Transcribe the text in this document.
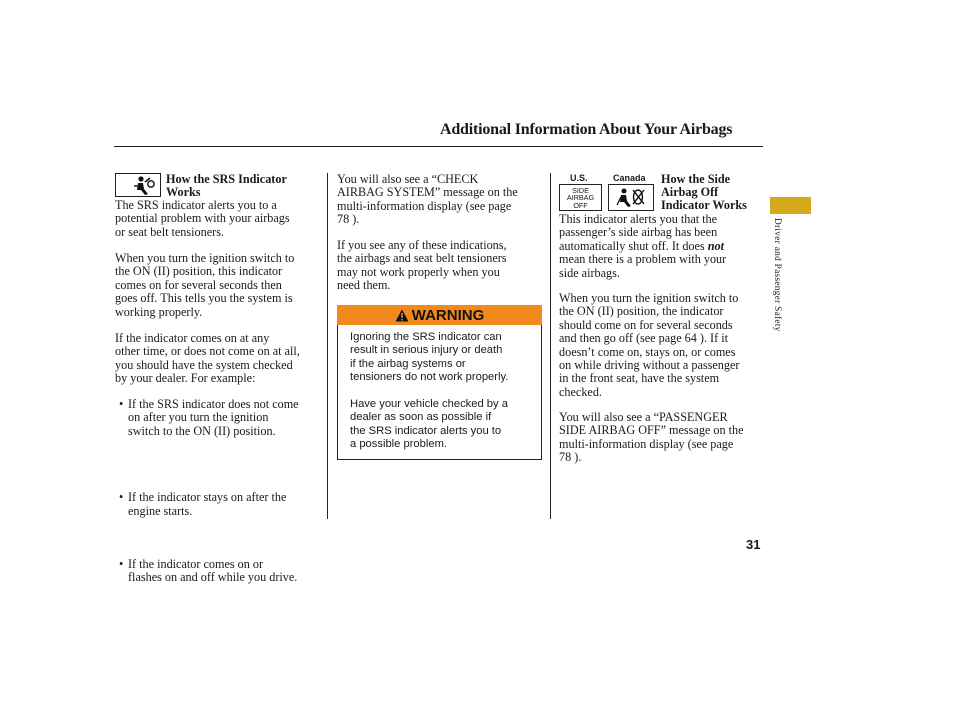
Additional Information About Your Airbags
How the SRS Indicator
Works

The SRS indicator alerts you to a

potential problem with your airbags

or seat belt tensioners.

When you turn the ignition switch to

the ON (II) position, this indicator

comes on for several seconds then

goes off. This tells you the system is

working properly.

If the indicator comes on at any

other time, or does not come on at all,

you should have the system checked

by your dealer. For example:

• If the SRS indicator does not come

on after you turn the ignition

switch to the ON (II) position.

• If the indicator stays on after the

engine starts.

• If the indicator comes on or

flashes on and off while you drive.

You will also see a “CHECK

AIRBAG SYSTEM” message on the

multi-information display (see page

78 ).

If you see any of these indications,

the airbags and seat belt tensioners

may not work properly when you

need them.

WARNING

Ignoring the SRS indicator can

result in serious injury or death

if the airbag systems or

tensioners do not work properly.

Have your vehicle checked by a

dealer as soon as possible if

the SRS indicator alerts you to

a possible problem.

U.S.	Canada
SIDE
AIRBAG
OFF
How the Side
Airbag Off
Indicator Works

This indicator alerts you that the

passenger’s side airbag has been

automatically shut off. It does not

mean there is a problem with your

side airbags.

When you turn the ignition switch to

the ON (II) position, the indicator

should come on for several seconds

and then go off (see page 64 ). If it

doesn’t come on, stays on, or comes

on while driving without a passenger

in the front seat, have the system

checked.

You will also see a “PASSENGER

SIDE AIRBAG OFF” message on the

multi-information display (see page

78 ).

Driver and Passenger Safety
31
